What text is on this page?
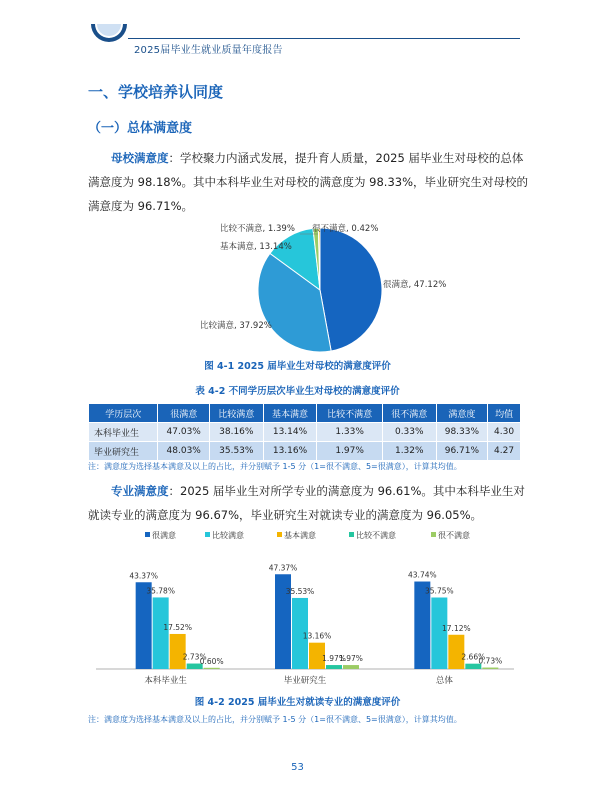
2025届毕业生就业质量年度报告
一、学校培养认同度
（一）总体满意度
母校满意度：学校聚力内涵式发展，提升育人质量，2025 届毕业生对母校的总体满意度为 98.18%。其中本科毕业生对母校的满意度为 98.33%，毕业研究生对母校的满意度为 96.71%。
很满意, 47.12%
比较满意, 37.92%
基本满意, 13.14%
比较不满意, 1.39% 很不满意, 0.42%
图 4-1 2025 届毕业生对母校的满意度评价
表 4-2 不同学历层次毕业生对母校的满意度评价
学历层次	很满意	比较满意	基本满意	比较不满意	很不满意	满意度	均值
本科毕业生	47.03%	38.16%	13.14%	1.33%	0.33%	98.33%	4.30
毕业研究生	48.03%	35.53%	13.16%	1.97%	1.32%	96.71%	4.27
注：满意度为选择基本满意及以上的占比，并分别赋予 1-5 分（1=很不满意、5=很满意），计算其均值。
专业满意度：2025 届毕业生对所学专业的满意度为 96.61%。其中本科毕业生对就读专业的满意度为 96.67%，毕业研究生对就读专业的满意度为 96.05%。
很满意	比较满意	基本满意	比较不满意	很不满意
43.37%
35.78%
17.52%
2.73%
0.60%
本科毕业生
47.37%
35.53%
13.16%
1.97%
1.97%
毕业研究生
43.74%
35.75%
17.12%
2.66%
0.73%
总体
图 4-2 2025 届毕业生对就读专业的满意度评价
注：满意度为选择基本满意及以上的占比，并分别赋予 1-5 分（1=很不满意、5=很满意），计算其均值。
53
